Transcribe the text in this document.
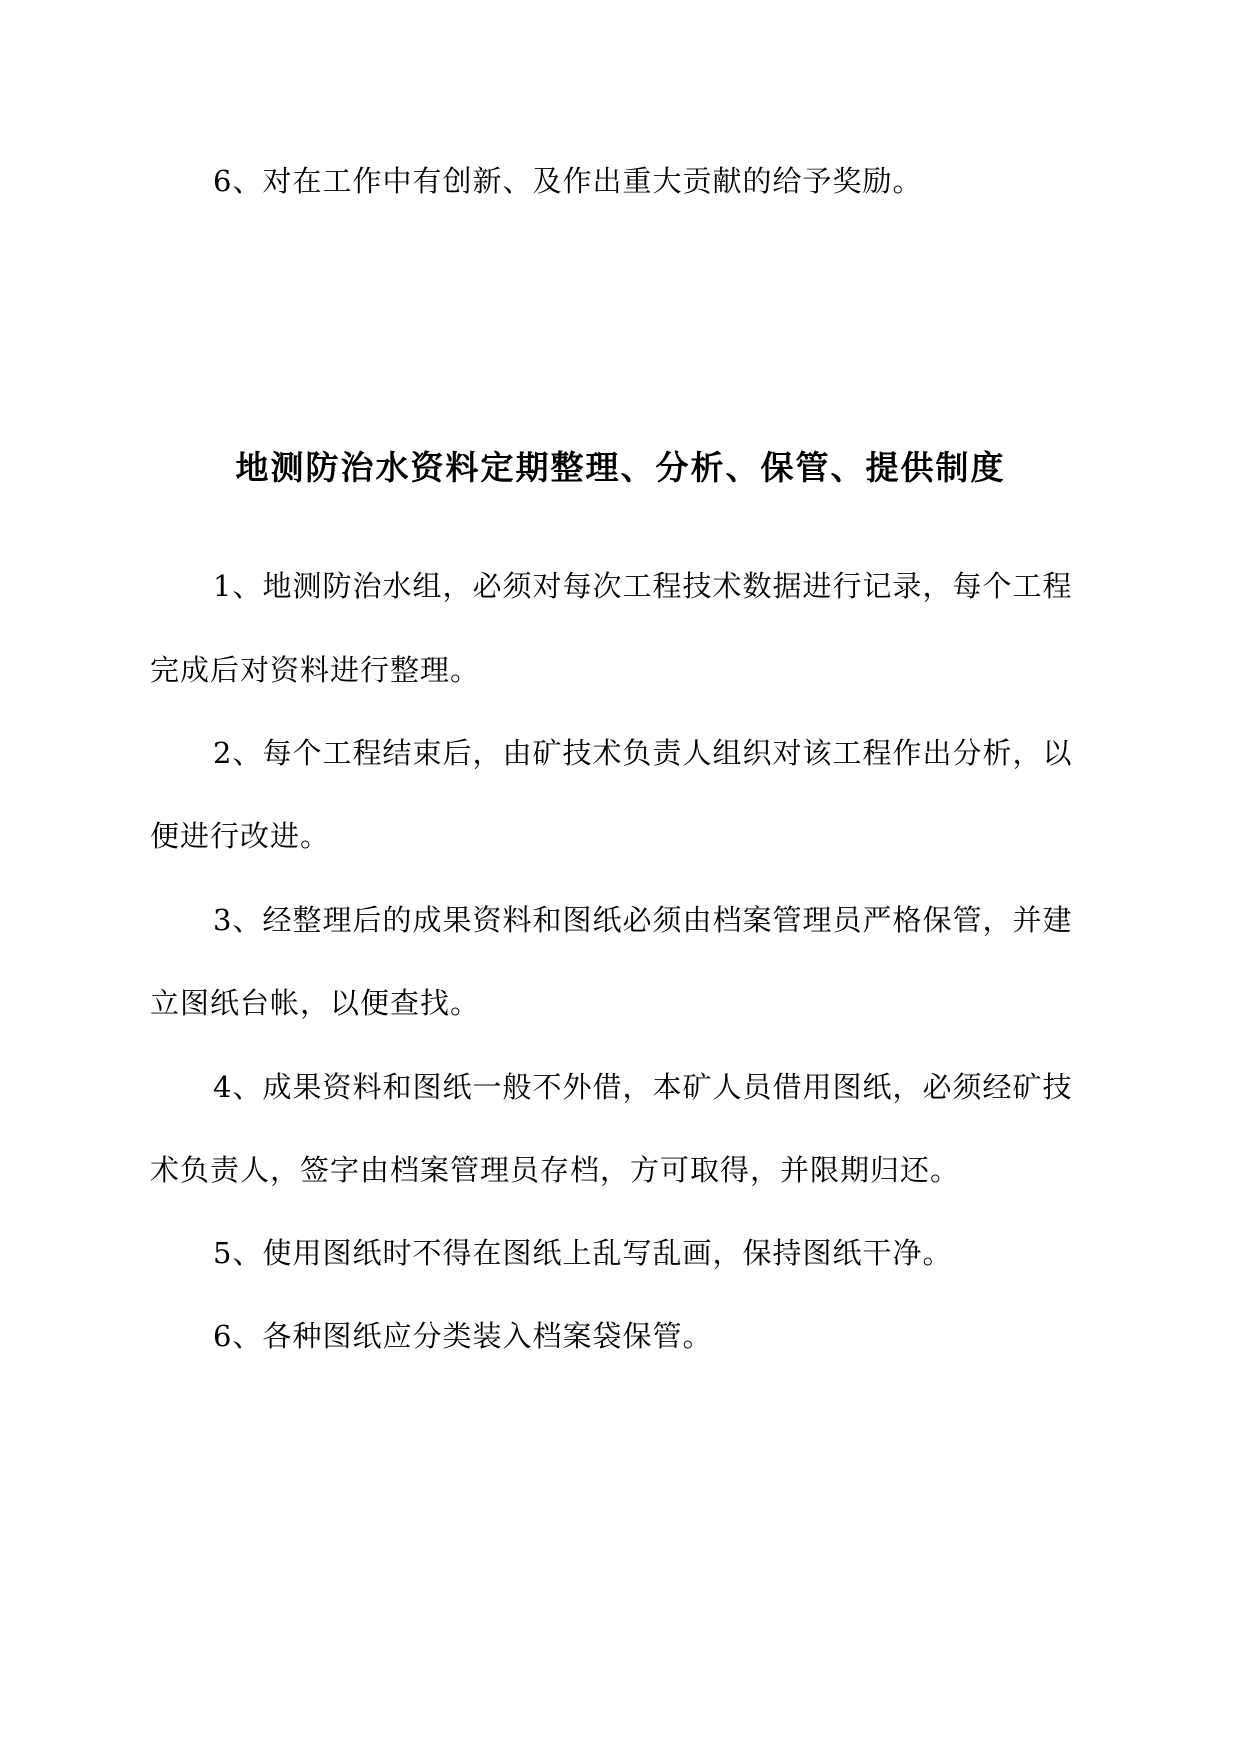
6、对在工作中有创新、及作出重大贡献的给予奖励。
地测防治水资料定期整理、分析、保管、提供制度
1、地测防治水组，必须对每次工程技术数据进行记录，每个工程
完成后对资料进行整理。
2、每个工程结束后，由矿技术负责人组织对该工程作出分析，以
便进行改进。
3、经整理后的成果资料和图纸必须由档案管理员严格保管，并建
立图纸台帐，以便查找。
4、成果资料和图纸一般不外借，本矿人员借用图纸，必须经矿技
术负责人，签字由档案管理员存档，方可取得，并限期归还。
5、使用图纸时不得在图纸上乱写乱画，保持图纸干净。
6、各种图纸应分类装入档案袋保管。
